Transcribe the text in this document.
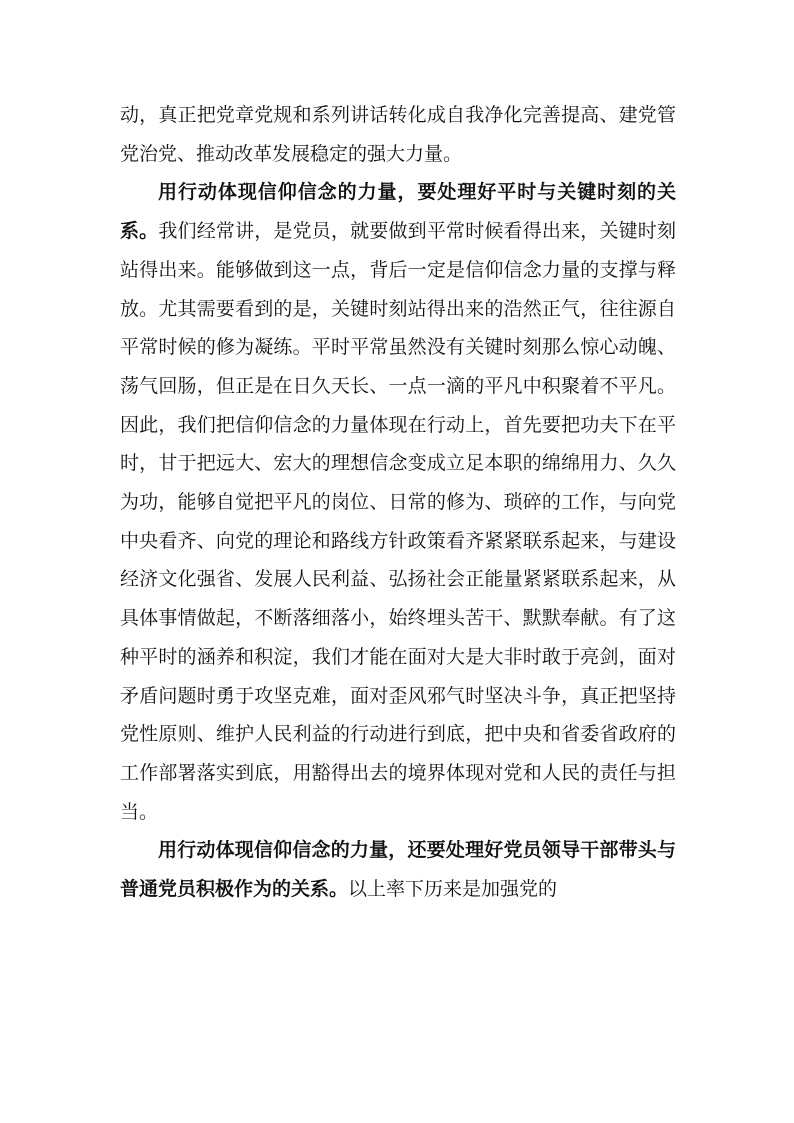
动，真正把党章党规和系列讲话转化成自我净化完善提高、建党管党治党、推动改革发展稳定的强大力量。

用行动体现信仰信念的力量，要处理好平时与关键时刻的关系。我们经常讲，是党员，就要做到平常时候看得出来，关键时刻站得出来。能够做到这一点，背后一定是信仰信念力量的支撑与释放。尤其需要看到的是，关键时刻站得出来的浩然正气，往往源自平常时候的修为凝练。平时平常虽然没有关键时刻那么惊心动魄、荡气回肠，但正是在日久天长、一点一滴的平凡中积聚着不平凡。因此，我们把信仰信念的力量体现在行动上，首先要把功夫下在平时，甘于把远大、宏大的理想信念变成立足本职的绵绵用力、久久为功，能够自觉把平凡的岗位、日常的修为、琐碎的工作，与向党中央看齐、向党的理论和路线方针政策看齐紧紧联系起来，与建设经济文化强省、发展人民利益、弘扬社会正能量紧紧联系起来，从具体事情做起，不断落细落小，始终埋头苦干、默默奉献。有了这种平时的涵养和积淀，我们才能在面对大是大非时敢于亮剑，面对矛盾问题时勇于攻坚克难，面对歪风邪气时坚决斗争，真正把坚持党性原则、维护人民利益的行动进行到底，把中央和省委省政府的工作部署落实到底，用豁得出去的境界体现对党和人民的责任与担当。

用行动体现信仰信念的力量，还要处理好党员领导干部带头与普通党员积极作为的关系。以上率下历来是加强党的
